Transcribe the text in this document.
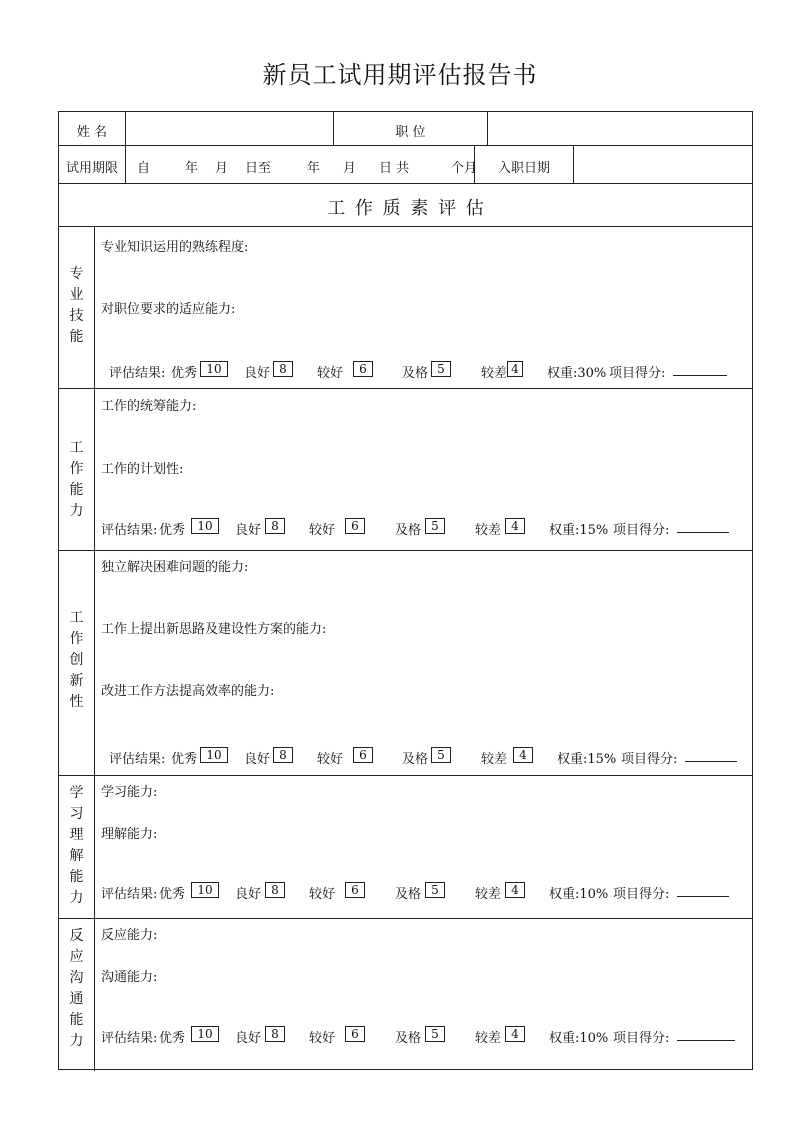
新员工试用期评估报告书
姓 名	职 位
试用期限	自	年 月 日至	年 月 日 共	个月	入职日期
工 作 质 素 评 估
专
业
技
能
专业知识运用的熟练程度:
对职位要求的适应能力:
评估结果: 优秀 10	良好 8	较好	6	及格 5	较差 4	权重:30% 项目得分:
工
作
能
力
工作的统筹能力:
工作的计划性:
评估结果: 优秀	10	良好 8	较好	6	及格 5	较差 4	权重:15% 项目得分:
工
作
创
新
性
独立解决困难问题的能力:
工作上提出新思路及建设性方案的能力:
改进工作方法提高效率的能力:
评估结果: 优秀 10	良好 8	较好	6	及格 5	较差	4	权重:15% 项目得分:
学
习
理
解
能
力
学习能力:
理解能力:
评估结果: 优秀	10	良好 8	较好	6	及格 5	较差 4	权重:10% 项目得分:
反
应
沟
通
能
力
反应能力:
沟通能力:
评估结果: 优秀	10	良好 8	较好	6	及格 5	较差 4	权重:10% 项目得分:
